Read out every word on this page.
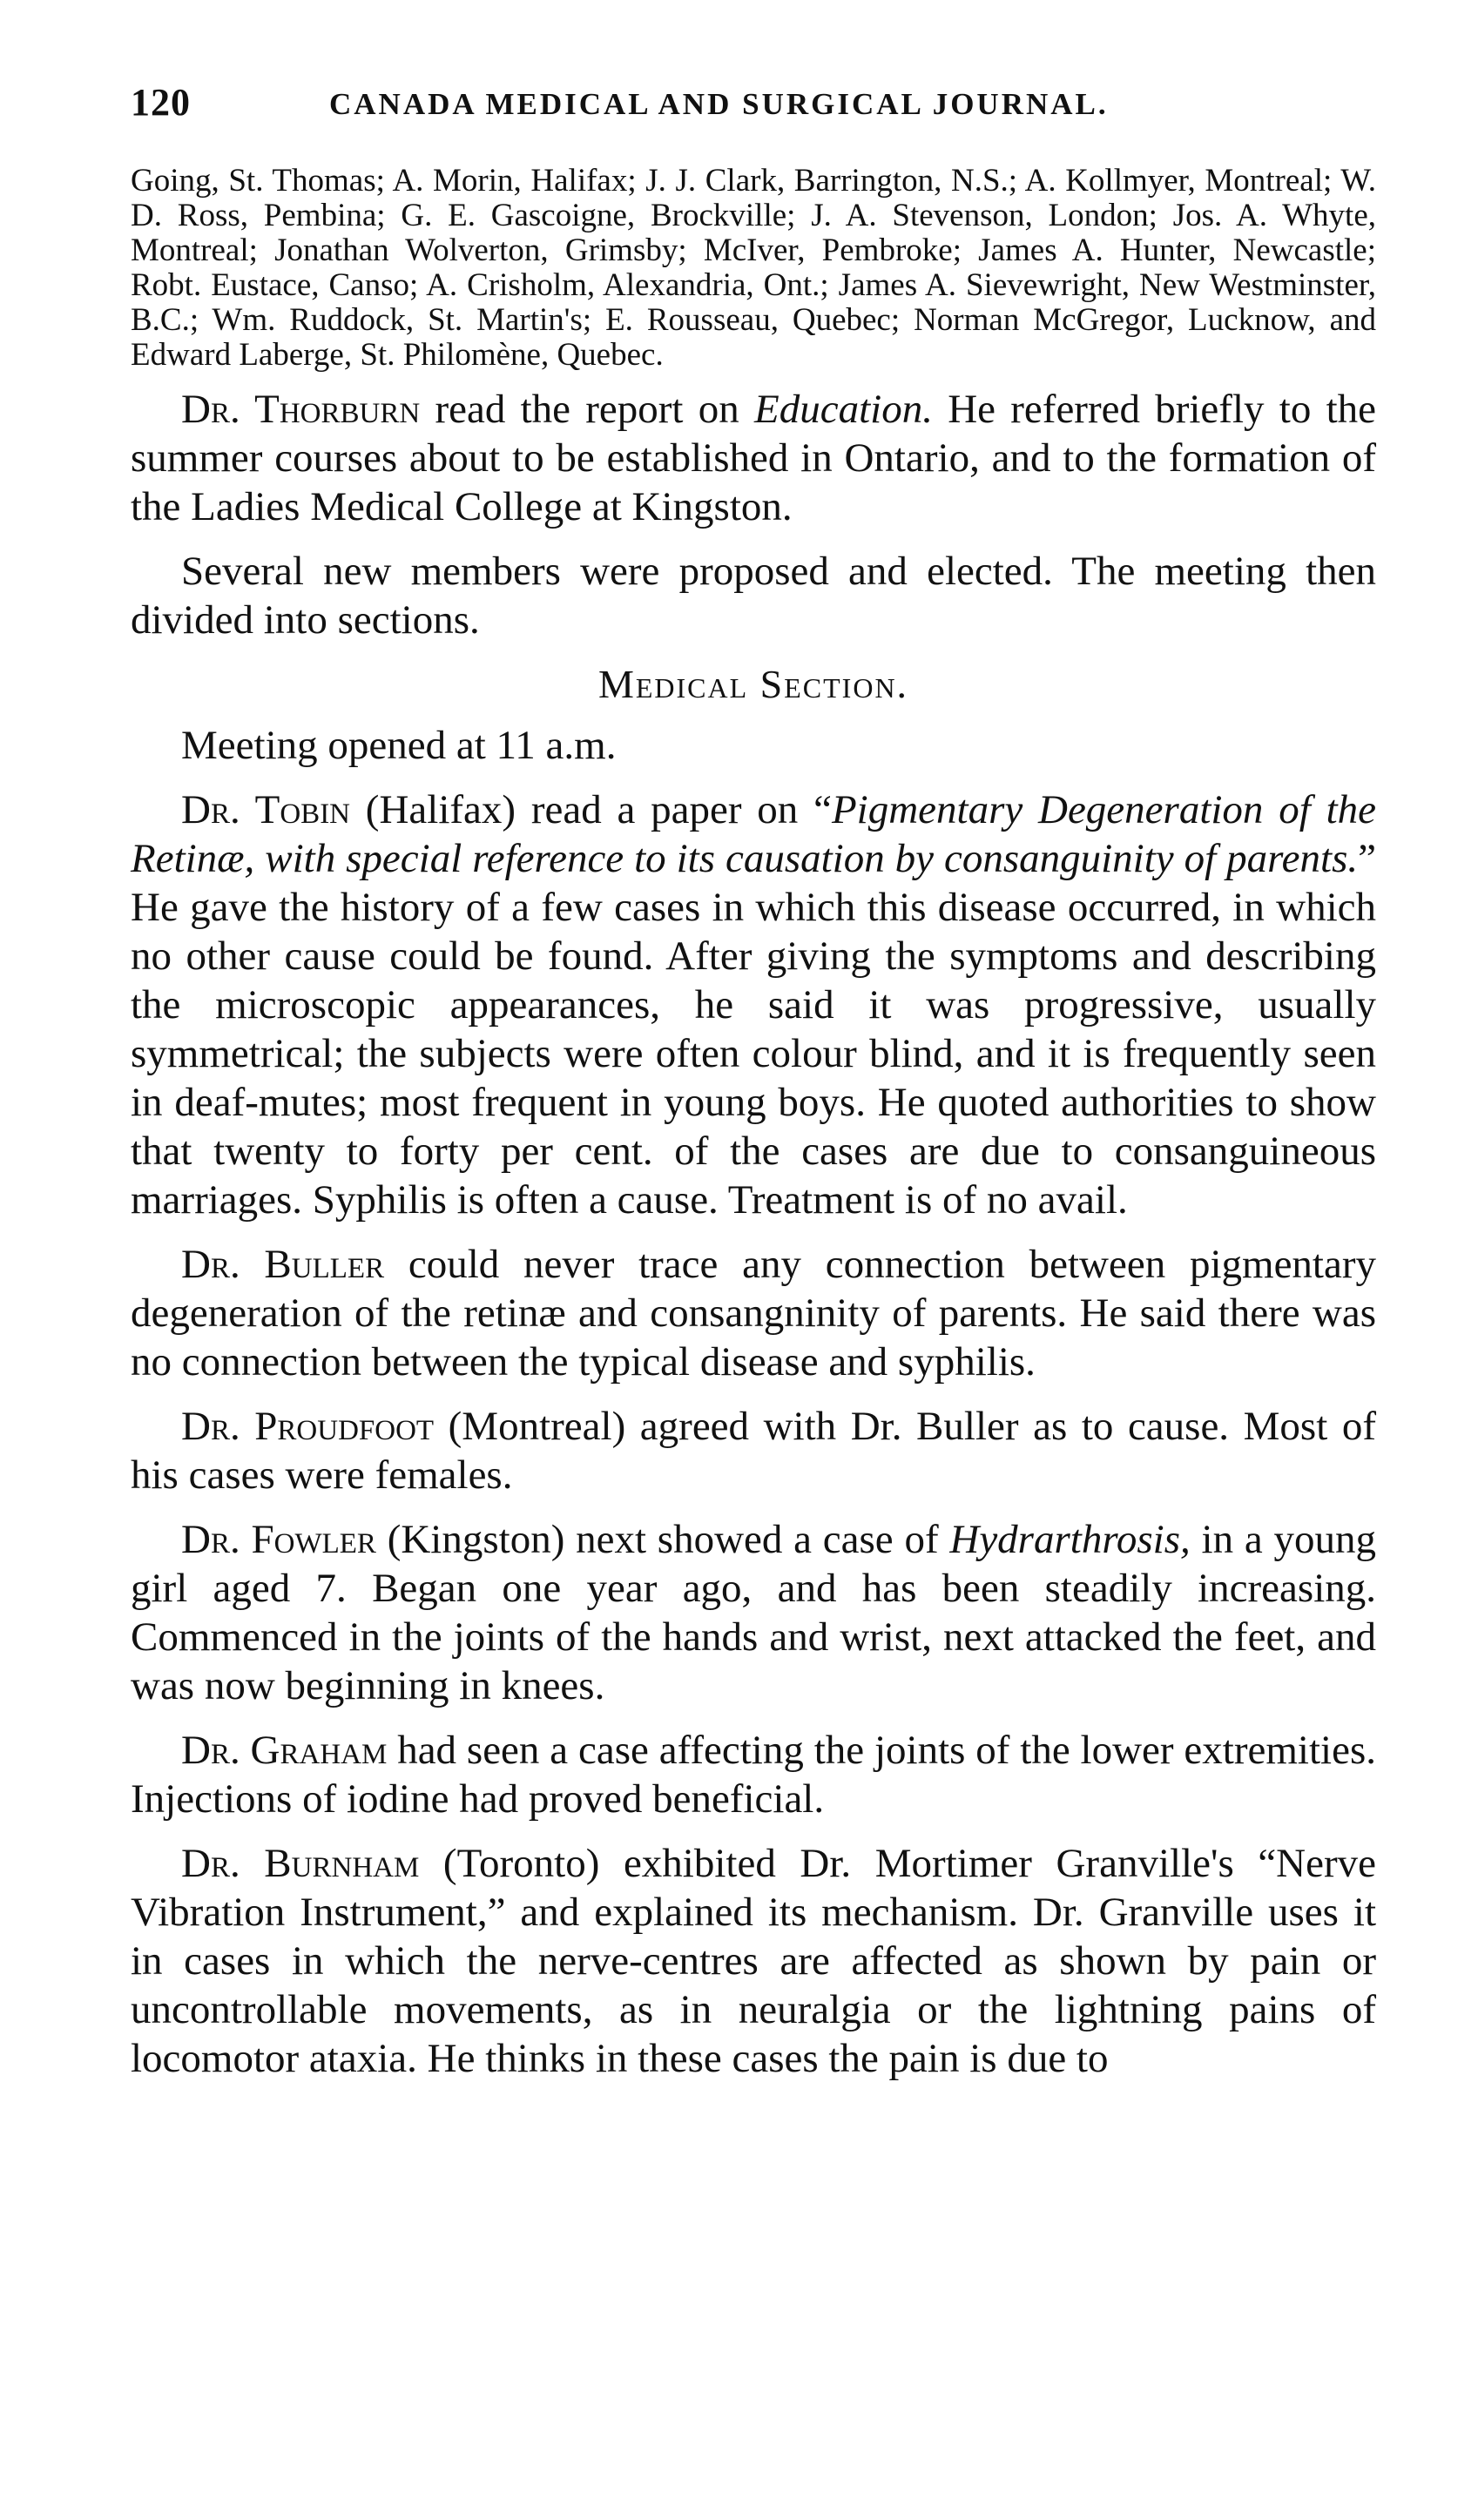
120	CANADA MEDICAL AND SURGICAL JOURNAL.

Going, St. Thomas; A. Morin, Halifax; J. J. Clark, Barrington, N.S.; A. Kollmyer, Montreal; W. D. Ross, Pembina; G. E. Gascoigne, Brockville; J. A. Stevenson, London; Jos. A. Whyte, Montreal; Jonathan Wolverton, Grimsby; McIver, Pembroke; James A. Hunter, Newcastle; Robt. Eustace, Canso; A. Crisholm, Alexandria, Ont.; James A. Sievewright, New Westminster, B.C.; Wm. Ruddock, St. Martin's; E. Rousseau, Quebec; Norman McGregor, Lucknow, and Edward Laberge, St. Philomène, Quebec.

Dr. Thorburn read the report on Education. He referred briefly to the summer courses about to be established in Ontario, and to the formation of the Ladies Medical College at Kingston.

Several new members were proposed and elected. The meeting then divided into sections.

Medical Section.

Meeting opened at 11 a.m.

Dr. Tobin (Halifax) read a paper on “Pigmentary Degeneration of the Retinæ, with special reference to its causation by consanguinity of parents.” He gave the history of a few cases in which this disease occurred, in which no other cause could be found. After giving the symptoms and describing the microscopic appearances, he said it was progressive, usually symmetrical; the subjects were often colour blind, and it is frequently seen in deaf-mutes; most frequent in young boys. He quoted authorities to show that twenty to forty per cent. of the cases are due to consanguineous marriages. Syphilis is often a cause. Treatment is of no avail.

Dr. Buller could never trace any connection between pigmentary degeneration of the retinæ and consangninity of parents. He said there was no connection between the typical disease and syphilis.

Dr. Proudfoot (Montreal) agreed with Dr. Buller as to cause. Most of his cases were females.

Dr. Fowler (Kingston) next showed a case of Hydrarthrosis, in a young girl aged 7. Began one year ago, and has been steadily increasing. Commenced in the joints of the hands and wrist, next attacked the feet, and was now beginning in knees.

Dr. Graham had seen a case affecting the joints of the lower extremities. Injections of iodine had proved beneficial.

Dr. Burnham (Toronto) exhibited Dr. Mortimer Granville's “Nerve Vibration Instrument,” and explained its mechanism. Dr. Granville uses it in cases in which the nerve-centres are affected as shown by pain or uncontrollable movements, as in neuralgia or the lightning pains of locomotor ataxia. He thinks in these cases the pain is due to
